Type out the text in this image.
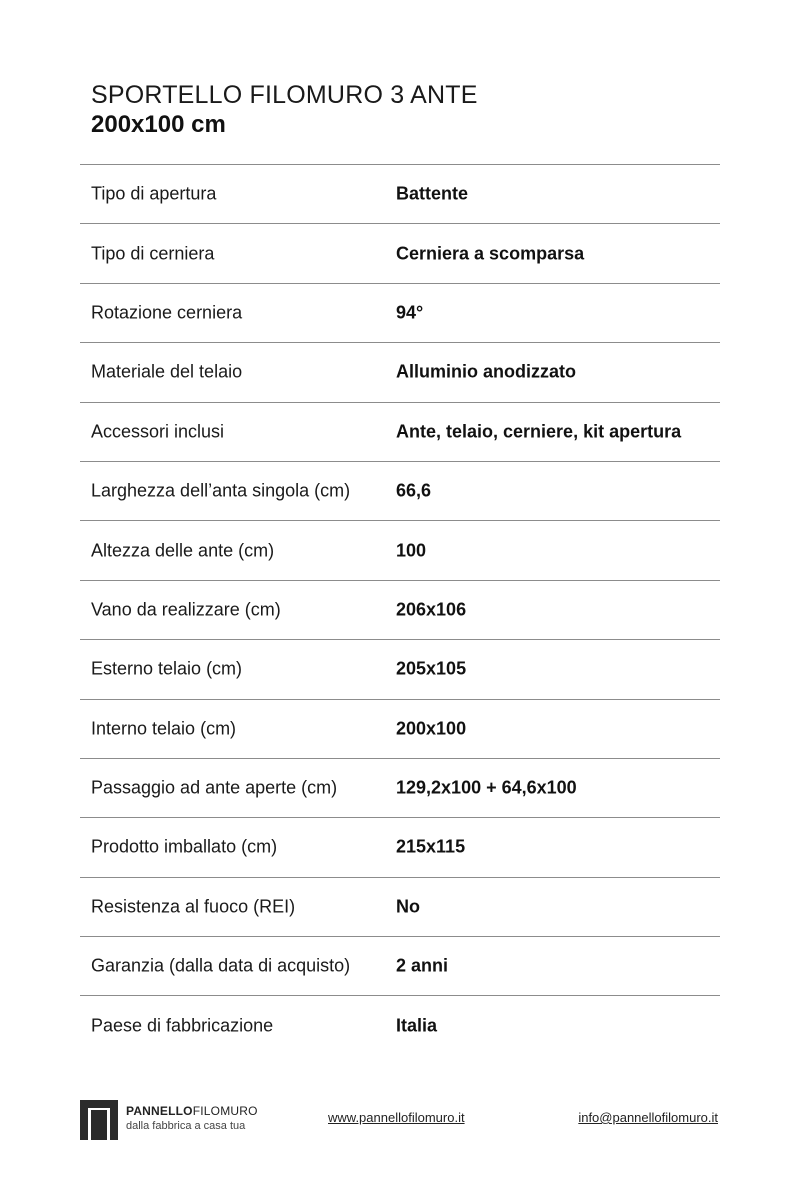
SPORTELLO FILOMURO 3 ANTE
200x100 cm
Tipo di apertura	Battente
Tipo di cerniera	Cerniera a scomparsa
Rotazione cerniera	94°
Materiale del telaio	Alluminio anodizzato
Accessori inclusi	Ante, telaio, cerniere, kit apertura
Larghezza dell’anta singola (cm)	66,6
Altezza delle ante (cm)	100
Vano da realizzare (cm)	206x106
Esterno telaio (cm)	205x105
Interno telaio (cm)	200x100
Passaggio ad ante aperte (cm)	129,2x100 + 64,6x100
Prodotto imballato (cm)	215x115
Resistenza al fuoco (REI)	No
Garanzia (dalla data di acquisto)	2 anni
Paese di fabbricazione	Italia
PANNELLOFILOMURO
dalla fabbrica a casa tua
www.pannellofilomuro.it	info@pannellofilomuro.it
